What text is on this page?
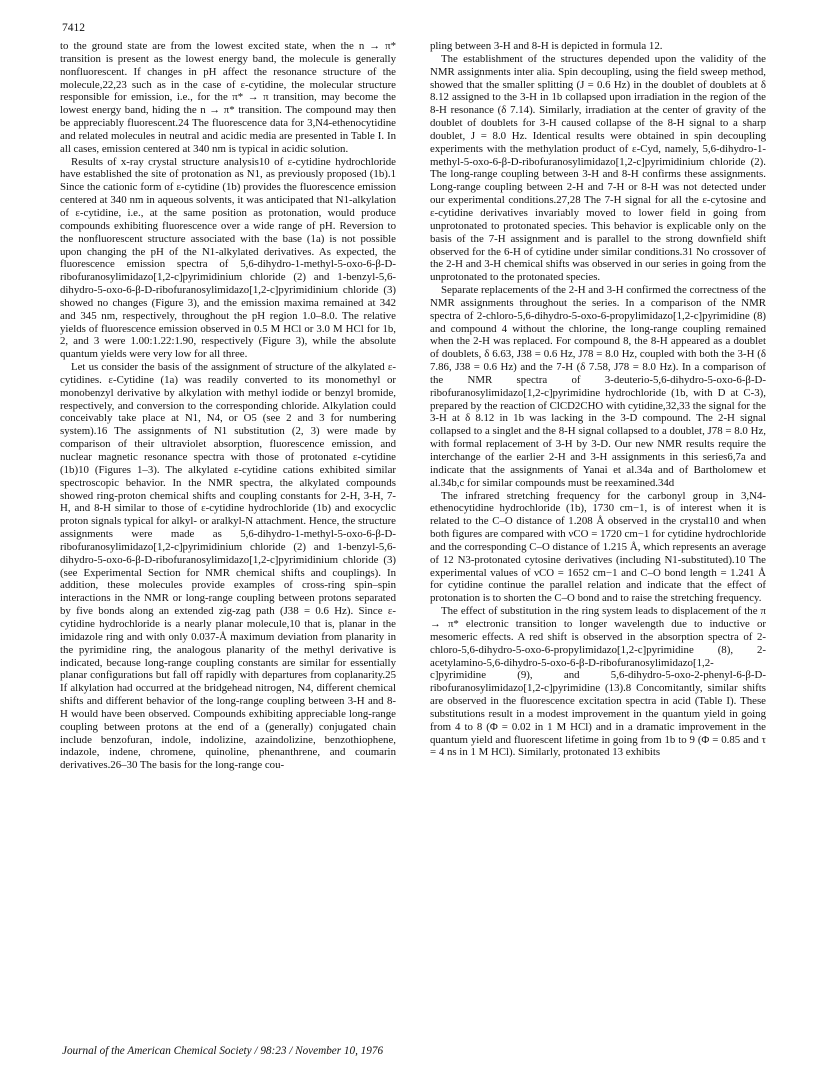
7412

to the ground state are from the lowest excited state, when the n → π* transition is present as the lowest energy band, the molecule is generally nonfluorescent. If changes in pH affect the resonance structure of the molecule,22,23 such as in the case of ε-cytidine, the molecular structure responsible for emission, i.e., for the π* → π transition, may become the lowest energy band, hiding the n → π* transition. The compound may then be appreciably fluorescent.24 The fluorescence data for 3,N4-ethenocytidine and related molecules in neutral and acidic media are presented in Table I. In all cases, emission centered at 340 nm is typical in acidic solution.

Results of x-ray crystal structure analysis10 of ε-cytidine hydrochloride have established the site of protonation as N1, as previously proposed (1b).1 Since the cationic form of ε-cytidine (1b) provides the fluorescence emission centered at 340 nm in aqueous solvents, it was anticipated that N1-alkylation of ε-cytidine, i.e., at the same position as protonation, would produce compounds exhibiting fluorescence over a wide range of pH. Reversion to the nonfluorescent structure associated with the base (1a) is not possible upon changing the pH of the N1-alkylated derivatives. As expected, the fluorescence emission spectra of 5,6-dihydro-1-methyl-5-oxo-6-β-D-ribofuranosylimidazo[1,2-c]pyrimidinium chloride (2) and 1-benzyl-5,6-dihydro-5-oxo-6-β-D-ribofuranosylimidazo[1,2-c]pyrimidinium chloride (3) showed no changes (Figure 3), and the emission maxima remained at 342 and 345 nm, respectively, throughout the pH region 1.0–8.0. The relative yields of fluorescence emission observed in 0.5 M HCl or 3.0 M HCl for 1b, 2, and 3 were 1.00:1.22:1.90, respectively (Figure 3), while the absolute quantum yields were very low for all three.

Let us consider the basis of the assignment of structure of the alkylated ε-cytidines. ε-Cytidine (1a) was readily converted to its monomethyl or monobenzyl derivative by alkylation with methyl iodide or benzyl bromide, respectively, and conversion to the corresponding chloride. Alkylation could conceivably take place at N1, N4, or O5 (see 2 and 3 for numbering system).16 The assignments of N1 substitution (2, 3) were made by comparison of their ultraviolet absorption, fluorescence emission, and nuclear magnetic resonance spectra with those of protonated ε-cytidine (1b)10 (Figures 1–3). The alkylated ε-cytidine cations exhibited similar spectroscopic behavior. In the NMR spectra, the alkylated compounds showed ring-proton chemical shifts and coupling constants for 2-H, 3-H, 7-H, and 8-H similar to those of ε-cytidine hydrochloride (1b) and exocyclic proton signals typical for alkyl- or aralkyl-N attachment. Hence, the structure assignments were made as 5,6-dihydro-1-methyl-5-oxo-6-β-D-ribofuranosylimidazo[1,2-c]pyrimidinium chloride (2) and 1-benzyl-5,6-dihydro-5-oxo-6-β-D-ribofuranosylimidazo[1,2-c]pyrimidinium chloride (3) (see Experimental Section for NMR chemical shifts and couplings). In addition, these molecules provide examples of cross-ring spin–spin interactions in the NMR or long-range coupling between protons separated by five bonds along an extended zig-zag path (J38 = 0.6 Hz). Since ε-cytidine hydrochloride is a nearly planar molecule,10 that is, planar in the imidazole ring and with only 0.037-Å maximum deviation from planarity in the pyrimidine ring, the analogous planarity of the methyl derivative is indicated, because long-range coupling constants are similar for essentially planar configurations but fall off rapidly with departures from coplanarity.25 If alkylation had occurred at the bridgehead nitrogen, N4, different chemical shifts and different behavior of the long-range coupling between 3-H and 8-H would have been observed. Compounds exhibiting appreciable long-range coupling between protons at the end of a (generally) conjugated chain include benzofuran, indole, indolizine, azaindolizine, benzothiophene, indazole, indene, chromene, quinoline, phenanthrene, and coumarin derivatives.26–30 The basis for the long-range cou-

pling between 3-H and 8-H is depicted in formula 12.

The establishment of the structures depended upon the validity of the NMR assignments inter alia. Spin decoupling, using the field sweep method, showed that the smaller splitting (J = 0.6 Hz) in the doublet of doublets at δ 8.12 assigned to the 3-H in 1b collapsed upon irradiation in the region of the 8-H resonance (δ 7.14). Similarly, irradiation at the center of gravity of the doublet of doublets for 3-H caused collapse of the 8-H signal to a sharp doublet, J = 8.0 Hz. Identical results were obtained in spin decoupling experiments with the methylation product of ε-Cyd, namely, 5,6-dihydro-1-methyl-5-oxo-6-β-D-ribofuranosylimidazo[1,2-c]pyrimidinium chloride (2). The long-range coupling between 3-H and 8-H confirms these assignments. Long-range coupling between 2-H and 7-H or 8-H was not detected under our experimental conditions.27,28 The 7-H signal for all the ε-cytosine and ε-cytidine derivatives invariably moved to lower field in going from unprotonated to protonated species. This behavior is explicable only on the basis of the 7-H assignment and is parallel to the strong downfield shift observed for the 6-H of cytidine under similar conditions.31 No crossover of the 2-H and 3-H chemical shifts was observed in our series in going from the unprotonated to the protonated species.

Separate replacements of the 2-H and 3-H confirmed the correctness of the NMR assignments throughout the series. In a comparison of the NMR spectra of 2-chloro-5,6-dihydro-5-oxo-6-propylimidazo[1,2-c]pyrimidine (8) and compound 4 without the chlorine, the long-range coupling remained when the 2-H was replaced. For compound 8, the 8-H appeared as a doublet of doublets, δ 6.63, J38 = 0.6 Hz, J78 = 8.0 Hz, coupled with both the 3-H (δ 7.86, J38 = 0.6 Hz) and the 7-H (δ 7.58, J78 = 8.0 Hz). In a comparison of the NMR spectra of 3-deuterio-5,6-dihydro-5-oxo-6-β-D-ribofuranosylimidazo[1,2-c]pyrimidine hydrochloride (1b, with D at C-3), prepared by the reaction of ClCD2CHO with cytidine,32,33 the signal for the 3-H at δ 8.12 in 1b was lacking in the 3-D compound. The 2-H signal collapsed to a singlet and the 8-H signal collapsed to a doublet, J78 = 8.0 Hz, with formal replacement of 3-H by 3-D. Our new NMR results require the interchange of the earlier 2-H and 3-H assignments in this series6,7a and indicate that the assignments of Yanai et al.34a and of Bartholomew et al.34b,c for similar compounds must be reexamined.34d

The infrared stretching frequency for the carbonyl group in 3,N4-ethenocytidine hydrochloride (1b), 1730 cm−1, is of interest when it is related to the C–O distance of 1.208 Å observed in the crystal10 and when both figures are compared with νCO = 1720 cm−1 for cytidine hydrochloride and the corresponding C–O distance of 1.215 Å, which represents an average of 12 N3-protonated cytosine derivatives (including N1-substituted).10 The experimental values of νCO = 1652 cm−1 and C–O bond length = 1.241 Å for cytidine continue the parallel relation and indicate that the effect of protonation is to shorten the C–O bond and to raise the stretching frequency.

The effect of substitution in the ring system leads to displacement of the π → π* electronic transition to longer wavelength due to inductive or mesomeric effects. A red shift is observed in the absorption spectra of 2-chloro-5,6-dihydro-5-oxo-6-propylimidazo[1,2-c]pyrimidine (8), 2-acetylamino-5,6-dihydro-5-oxo-6-β-D-ribofuranosylimidazo[1,2-c]pyrimidine (9), and 5,6-dihydro-5-oxo-2-phenyl-6-β-D-ribofuranosylimidazo[1,2-c]pyrimidine (13).8 Concomitantly, similar shifts are observed in the fluorescence excitation spectra in acid (Table I). These substitutions result in a modest improvement in the quantum yield in going from 4 to 8 (Φ = 0.02 in 1 M HCl) and in a dramatic improvement in the quantum yield and fluorescent lifetime in going from 1b to 9 (Φ = 0.85 and τ = 4 ns in 1 M HCl). Similarly, protonated 13 exhibits

Journal of the American Chemical Society / 98:23 / November 10, 1976
